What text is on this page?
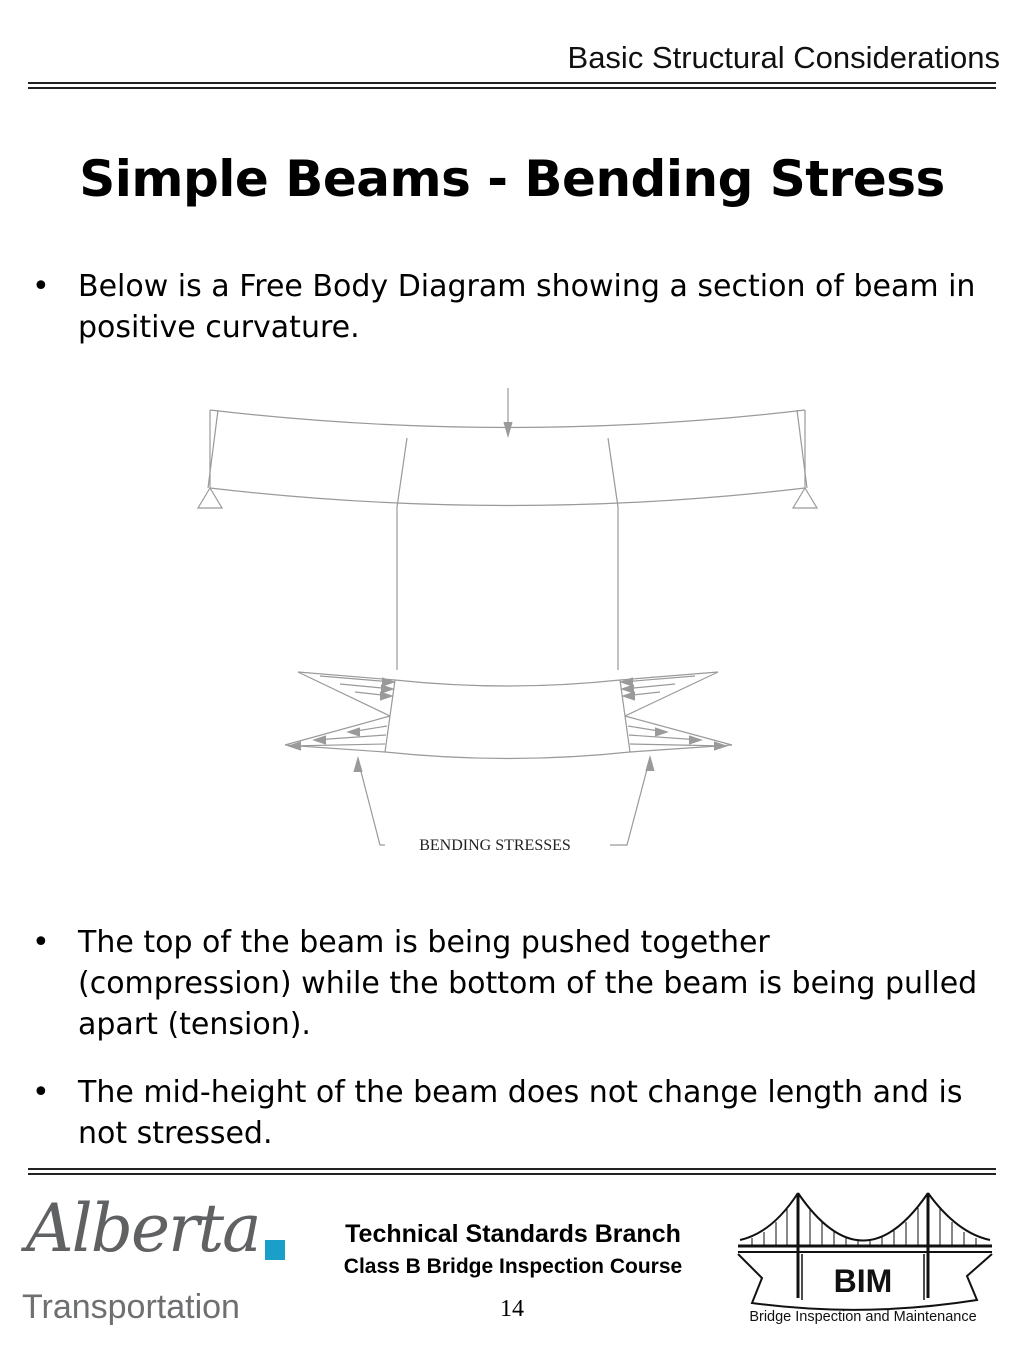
Basic Structural Considerations
Simple Beams - Bending Stress
• Below is a Free Body Diagram showing a section of beam in positive curvature.
BENDING STRESSES
• The top of the beam is being pushed together (compression) while the bottom of the beam is being pulled apart (tension).
• The mid-height of the beam does not change length and is not stressed.
Alberta
Transportation
Technical Standards Branch
Class B Bridge Inspection Course
14
BIM
Bridge Inspection and Maintenance
